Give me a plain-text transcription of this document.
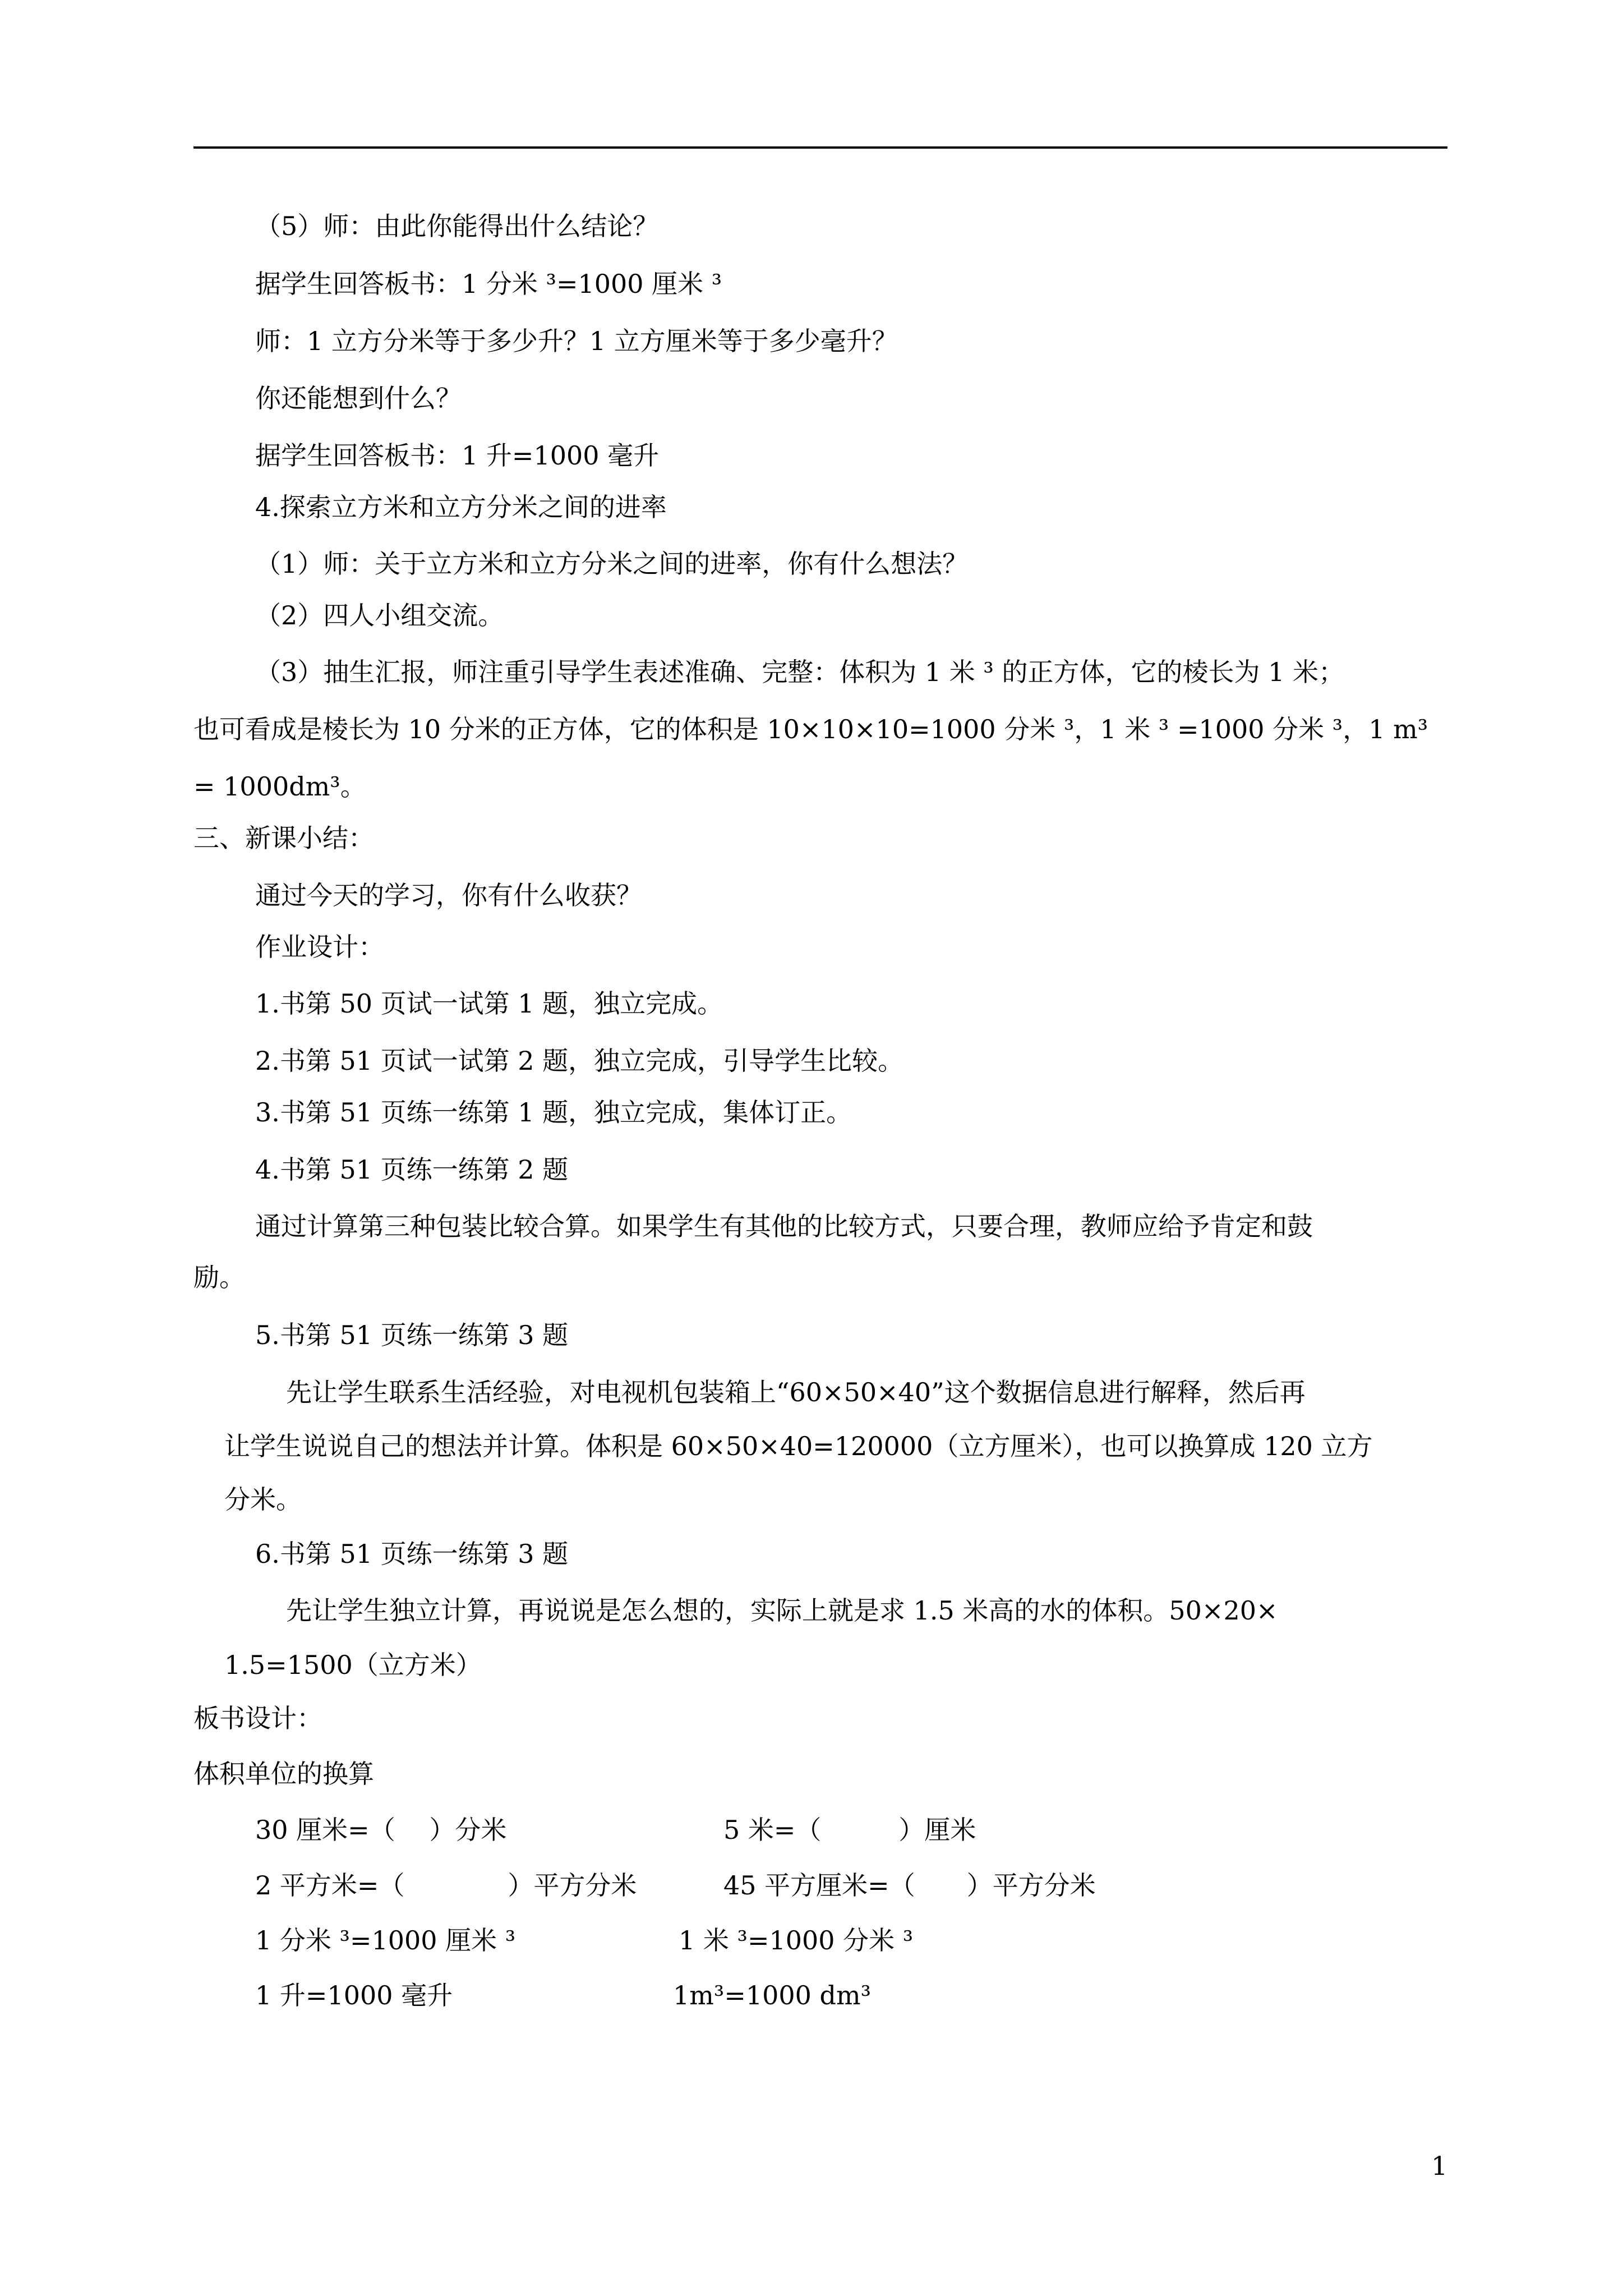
（5）师：由此你能得出什么结论？
据学生回答板书：1 分米 ³=1000 厘米 ³
师：1 立方分米等于多少升？1 立方厘米等于多少毫升？
你还能想到什么？
据学生回答板书：1 升=1000 毫升
4.探索立方米和立方分米之间的进率
（1）师：关于立方米和立方分米之间的进率，你有什么想法？
（2）四人小组交流。
（3）抽生汇报，师注重引导学生表述准确、完整：体积为 1 米 ³ 的正方体，它的棱长为 1 米；
也可看成是棱长为 10 分米的正方体，它的体积是 10×10×10=1000 分米 ³，1 米 ³ =1000 分米 ³，1 m³
= 1000dm³。
三、新课小结：
通过今天的学习，你有什么收获？
作业设计：
1.书第 50 页试一试第 1 题，独立完成。
2.书第 51 页试一试第 2 题，独立完成，引导学生比较。
3.书第 51 页练一练第 1 题，独立完成，集体订正。
4.书第 51 页练一练第 2 题
通过计算第三种包装比较合算。如果学生有其他的比较方式，只要合理，教师应给予肯定和鼓
励。
5.书第 51 页练一练第 3 题
先让学生联系生活经验，对电视机包装箱上“60×50×40”这个数据信息进行解释，然后再
让学生说说自己的想法并计算。体积是 60×50×40=120000（立方厘米），也可以换算成 120 立方
分米。
6.书第 51 页练一练第 3 题
先让学生独立计算，再说说是怎么想的，实际上就是求 1.5 米高的水的体积。50×20×
1.5=1500（立方米）
板书设计：
体积单位的换算
30 厘米=（　 ）分米	5 米=（　　　）厘米
2 平方米=（　　　　）平方分米	45 平方厘米=（　　）平方分米
1 分米 ³=1000 厘米 ³	1 米 ³=1000 分米 ³
1 升=1000 毫升	1m³=1000 dm³
1
